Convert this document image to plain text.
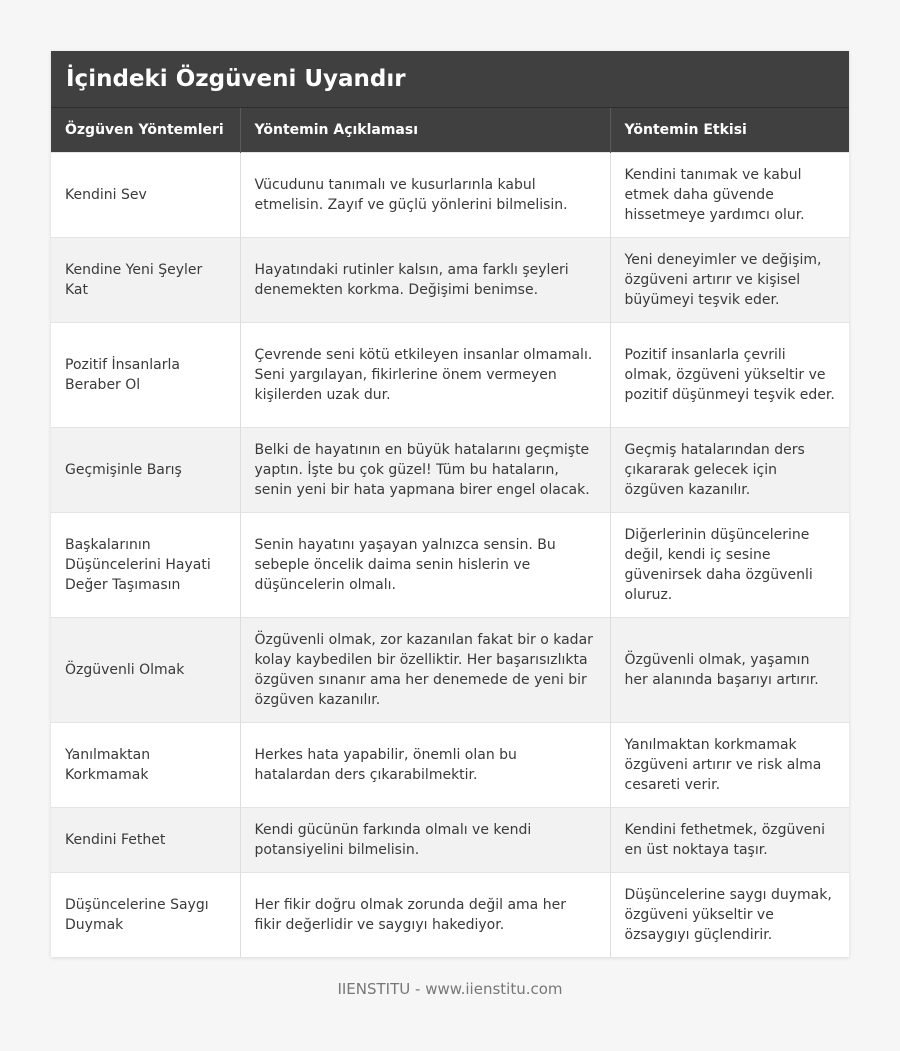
İçindeki Özgüveni Uyandır
Özgüven Yöntemleri	Yöntemin Açıklaması	Yöntemin Etkisi
Kendini Sev	Vücudunu tanımalı ve kusurlarınla kabul etmelisin. Zayıf ve güçlü yönlerini bilmelisin.	Kendini tanımak ve kabul etmek daha güvende hissetmeye yardımcı olur.
Kendine Yeni Şeyler Kat	Hayatındaki rutinler kalsın, ama farklı şeyleri denemekten korkma. Değişimi benimse.	Yeni deneyimler ve değişim, özgüveni artırır ve kişisel büyümeyi teşvik eder.
Pozitif İnsanlarla Beraber Ol	Çevrende seni kötü etkileyen insanlar olmamalı. Seni yargılayan, fikirlerine önem vermeyen kişilerden uzak dur.	Pozitif insanlarla çevrili olmak, özgüveni yükseltir ve pozitif düşünmeyi teşvik eder.
Geçmişinle Barış	Belki de hayatının en büyük hatalarını geçmişte yaptın. İşte bu çok güzel! Tüm bu hataların, senin yeni bir hata yapmana birer engel olacak.	Geçmiş hatalarından ders çıkararak gelecek için özgüven kazanılır.
Başkalarının Düşüncelerini Hayati Değer Taşımasın	Senin hayatını yaşayan yalnızca sensin. Bu sebeple öncelik daima senin hislerin ve düşüncelerin olmalı.	Diğerlerinin düşüncelerine değil, kendi iç sesine güvenirsek daha özgüvenli oluruz.
Özgüvenli Olmak	Özgüvenli olmak, zor kazanılan fakat bir o kadar kolay kaybedilen bir özelliktir. Her başarısızlıkta özgüven sınanır ama her denemede de yeni bir özgüven kazanılır.	Özgüvenli olmak, yaşamın her alanında başarıyı artırır.
Yanılmaktan Korkmamak	Herkes hata yapabilir, önemli olan bu hatalardan ders çıkarabilmektir.	Yanılmaktan korkmamak özgüveni artırır ve risk alma cesareti verir.
Kendini Fethet	Kendi gücünün farkında olmalı ve kendi potansiyelini bilmelisin.	Kendini fethetmek, özgüveni en üst noktaya taşır.
Düşüncelerine Saygı Duymak	Her fikir doğru olmak zorunda değil ama her fikir değerlidir ve saygıyı hakediyor.	Düşüncelerine saygı duymak, özgüveni yükseltir ve özsaygıyı güçlendirir.
IIENSTITU - www.iienstitu.com
